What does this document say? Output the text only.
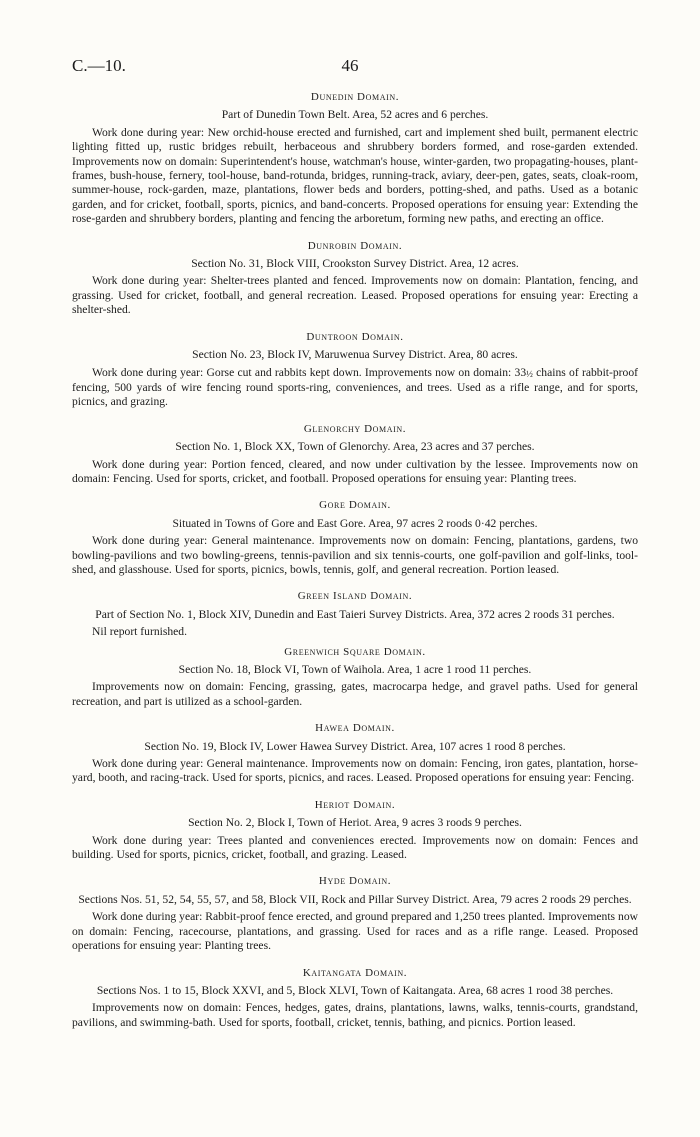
C.—10.	46
Dunedin Domain.
Part of Dunedin Town Belt. Area, 52 acres and 6 perches.
Work done during year: New orchid-house erected and furnished, cart and implement shed built, permanent electric lighting fitted up, rustic bridges rebuilt, herbaceous and shrubbery borders formed, and rose-garden extended. Improvements now on domain: Superintendent's house, watchman's house, winter-garden, two propagating-houses, plant-frames, bush-house, fernery, tool-house, band-rotunda, bridges, running-track, aviary, deer-pen, gates, seats, cloak-room, summer-house, rock-garden, maze, plantations, flower beds and borders, potting-shed, and paths. Used as a botanic garden, and for cricket, football, sports, picnics, and band-concerts. Proposed operations for ensuing year: Extending the rose-garden and shrubbery borders, planting and fencing the arboretum, forming new paths, and erecting an office.
Dunrobin Domain.
Section No. 31, Block VIII, Crookston Survey District. Area, 12 acres.
Work done during year: Shelter-trees planted and fenced. Improvements now on domain: Plantation, fencing, and grassing. Used for cricket, football, and general recreation. Leased. Proposed operations for ensuing year: Erecting a shelter-shed.
Duntroon Domain.
Section No. 23, Block IV, Maruwenua Survey District. Area, 80 acres.
Work done during year: Gorse cut and rabbits kept down. Improvements now on domain: 33½ chains of rabbit-proof fencing, 500 yards of wire fencing round sports-ring, conveniences, and trees. Used as a rifle range, and for sports, picnics, and grazing.
Glenorchy Domain.
Section No. 1, Block XX, Town of Glenorchy. Area, 23 acres and 37 perches.
Work done during year: Portion fenced, cleared, and now under cultivation by the lessee. Improvements now on domain: Fencing. Used for sports, cricket, and football. Proposed operations for ensuing year: Planting trees.
Gore Domain.
Situated in Towns of Gore and East Gore. Area, 97 acres 2 roods 0·42 perches.
Work done during year: General maintenance. Improvements now on domain: Fencing, plantations, gardens, two bowling-pavilions and two bowling-greens, tennis-pavilion and six tennis-courts, one golf-pavilion and golf-links, tool-shed, and glasshouse. Used for sports, picnics, bowls, tennis, golf, and general recreation. Portion leased.
Green Island Domain.
Part of Section No. 1, Block XIV, Dunedin and East Taieri Survey Districts. Area, 372 acres 2 roods 31 perches.
Nil report furnished.
Greenwich Square Domain.
Section No. 18, Block VI, Town of Waihola. Area, 1 acre 1 rood 11 perches.
Improvements now on domain: Fencing, grassing, gates, macrocarpa hedge, and gravel paths. Used for general recreation, and part is utilized as a school-garden.
Hawea Domain.
Section No. 19, Block IV, Lower Hawea Survey District. Area, 107 acres 1 rood 8 perches.
Work done during year: General maintenance. Improvements now on domain: Fencing, iron gates, plantation, horse-yard, booth, and racing-track. Used for sports, picnics, and races. Leased. Proposed operations for ensuing year: Fencing.
Heriot Domain.
Section No. 2, Block I, Town of Heriot. Area, 9 acres 3 roods 9 perches.
Work done during year: Trees planted and conveniences erected. Improvements now on domain: Fences and building. Used for sports, picnics, cricket, football, and grazing. Leased.
Hyde Domain.
Sections Nos. 51, 52, 54, 55, 57, and 58, Block VII, Rock and Pillar Survey District. Area, 79 acres 2 roods 29 perches.
Work done during year: Rabbit-proof fence erected, and ground prepared and 1,250 trees planted. Improvements now on domain: Fencing, racecourse, plantations, and grassing. Used for races and as a rifle range. Leased. Proposed operations for ensuing year: Planting trees.
Kaitangata Domain.
Sections Nos. 1 to 15, Block XXVI, and 5, Block XLVI, Town of Kaitangata. Area, 68 acres 1 rood 38 perches.
Improvements now on domain: Fences, hedges, gates, drains, plantations, lawns, walks, tennis-courts, grandstand, pavilions, and swimming-bath. Used for sports, football, cricket, tennis, bathing, and picnics. Portion leased.
